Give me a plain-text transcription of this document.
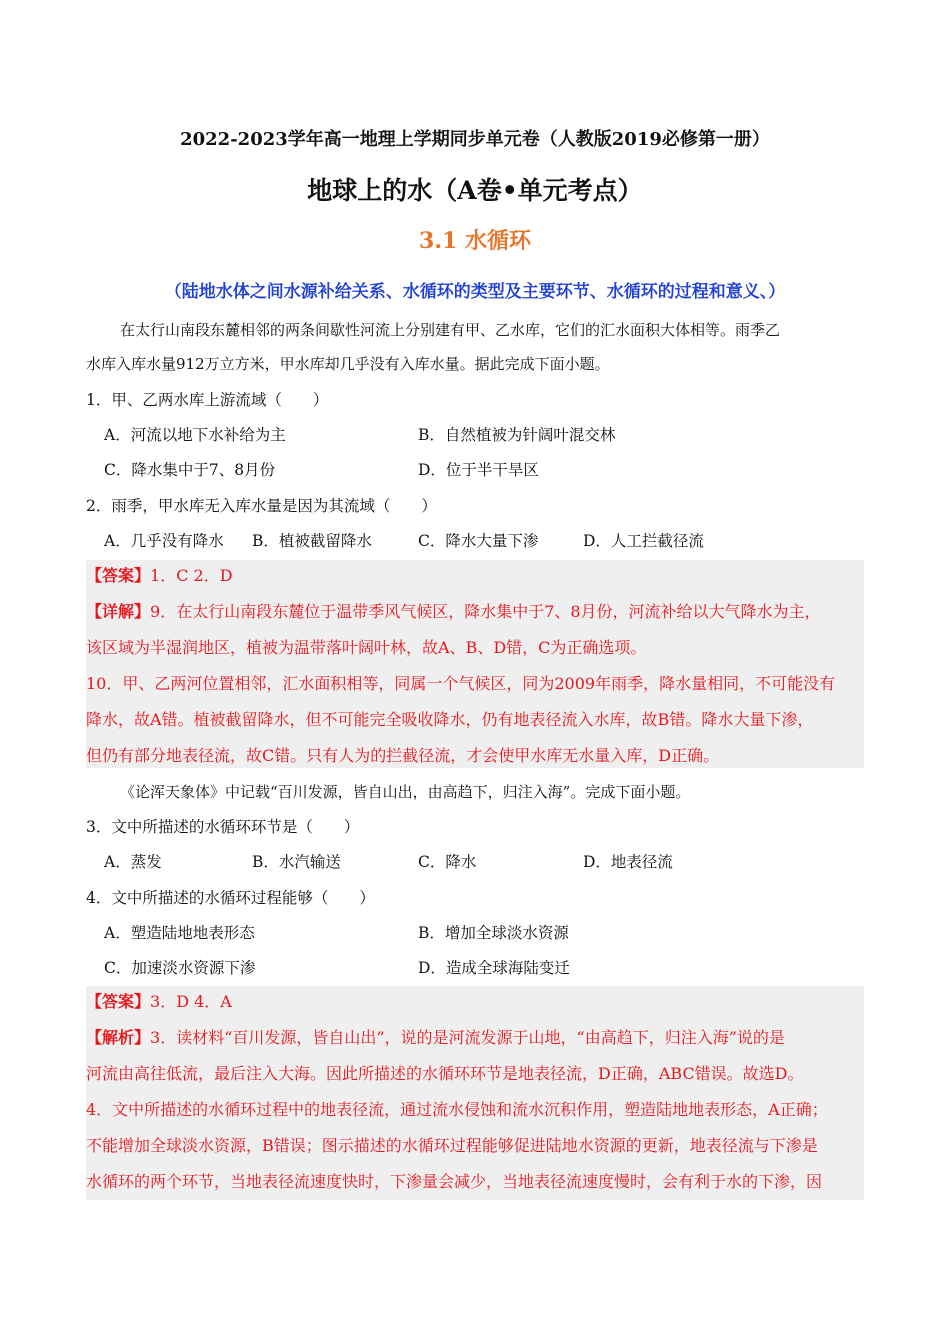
2022-2023学年高一地理上学期同步单元卷（人教版2019必修第一册）
地球上的水（A卷•单元考点）
3.1 水循环
（陆地水体之间水源补给关系、水循环的类型及主要环节、水循环的过程和意义、）
在太行山南段东麓相邻的两条间歇性河流上分别建有甲、乙水库，它们的汇水面积大体相等。雨季乙
水库入库水量912万立方米，甲水库却几乎没有入库水量。据此完成下面小题。
1．甲、乙两水库上游流域（　　）
A．河流以地下水补给为主	B．自然植被为针阔叶混交林
C．降水集中于7、8月份	D．位于半干旱区
2．雨季，甲水库无入库水量是因为其流域（　　）
A．几乎没有降水 B．植被截留降水	C．降水大量下渗	D．人工拦截径流
【答案】1．C 2．D
【详解】9．在太行山南段东麓位于温带季风气候区，降水集中于7、8月份，河流补给以大气降水为主，
该区域为半湿润地区，植被为温带落叶阔叶林，故A、B、D错，C为正确选项。
10．甲、乙两河位置相邻，汇水面积相等，同属一个气候区，同为2009年雨季，降水量相同，不可能没有
降水，故A错。植被截留降水，但不可能完全吸收降水，仍有地表径流入水库，故B错。降水大量下渗，
但仍有部分地表径流，故C错。只有人为的拦截径流，才会使甲水库无水量入库，D正确。
《论浑天象体》中记载“百川发源，皆自山出，由高趋下，归注入海”。完成下面小题。
3．文中所描述的水循环环节是（　　）
A．蒸发	B．水汽输送	C．降水	D．地表径流
4．文中所描述的水循环过程能够（　　）
A．塑造陆地地表形态	B．增加全球淡水资源
C．加速淡水资源下渗	D．造成全球海陆变迁
【答案】3．D 4．A
【解析】3．读材料“百川发源，皆自山出”，说的是河流发源于山地，“由高趋下，归注入海”说的是
河流由高往低流，最后注入大海。因此所描述的水循环环节是地表径流，D正确，ABC错误。故选D。
4．文中所描述的水循环过程中的地表径流，通过流水侵蚀和流水沉积作用，塑造陆地地表形态，A正确；
不能增加全球淡水资源，B错误；图示描述的水循环过程能够促进陆地水资源的更新，地表径流与下渗是
水循环的两个环节，当地表径流速度快时，下渗量会减少，当地表径流速度慢时，会有利于水的下渗，因
